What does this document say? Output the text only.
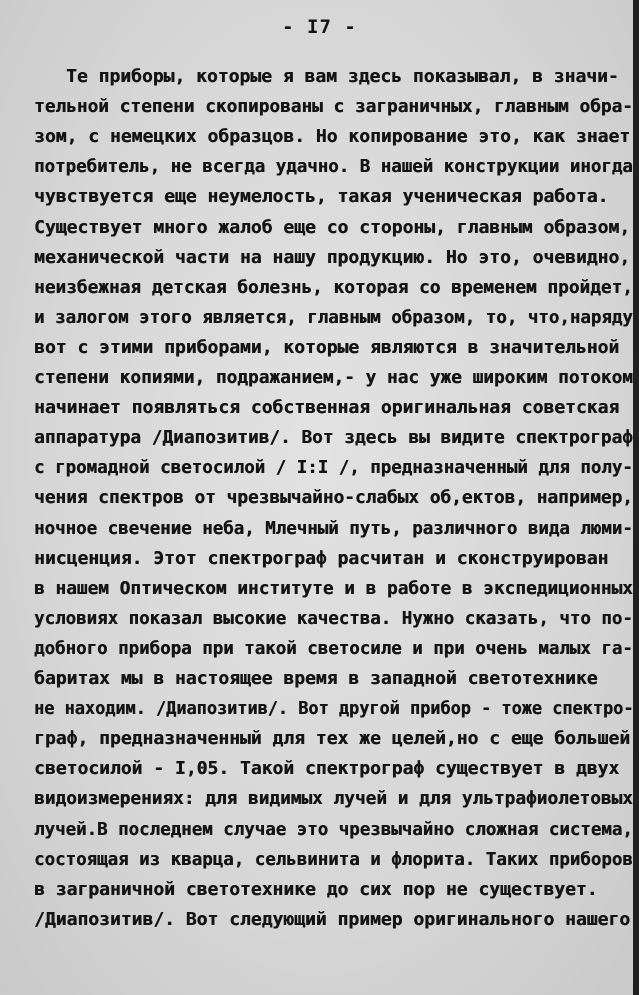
- I7 -
Те приборы, которые я вам здесь показывал, в значи-
тельной степени скопированы с заграничных, главным обра-
зом, с немецких образцов. Но копирование это, как знает
потребитель, не всегда удачно. В нашей конструкции иногда
чувствуется еще неумелость, такая ученическая работа.
Существует много жалоб еще со стороны, главным образом,
механической части на нашу продукцию. Но это, очевидно,
неизбежная детская болезнь, которая со временем пройдет,
и залогом этого является, главным образом, то, что,наряду
вот с этими приборами, которые являются в значительной
степени копиями, подражанием,- у нас уже широким потоком
начинает появляться собственная оригинальная советская
аппаратура /Диапозитив/. Вот здесь вы видите спектрограф
с громадной светосилой / I:I /, предназначенный для полу-
чения спектров от чрезвычайно-слабых об,ектов, например,
ночное свечение неба, Млечный путь, различного вида люми-
нисценция. Этот спектрограф расчитан и сконструирован
в нашем Оптическом институте и в работе в экспедиционных
условиях показал высокие качества. Нужно сказать, что по-
добного прибора при такой светосиле и при очень малых га-
баритах мы в настоящее время в западной светотехнике
не находим. /Диапозитив/. Вот другой прибор - тоже спектро-
граф, предназначенный для тех же целей,но с еще большей
светосилой - I,05. Такой спектрограф существует в двух
видоизмерениях: для видимых лучей и для ультрафиолетовых
лучей.В последнем случае это чрезвычайно сложная система,
состоящая из кварца, сельвинита и флорита. Таких приборов
в заграничной светотехнике до сих пор не существует.
/Диапозитив/. Вот следующий пример оригинального нашего
